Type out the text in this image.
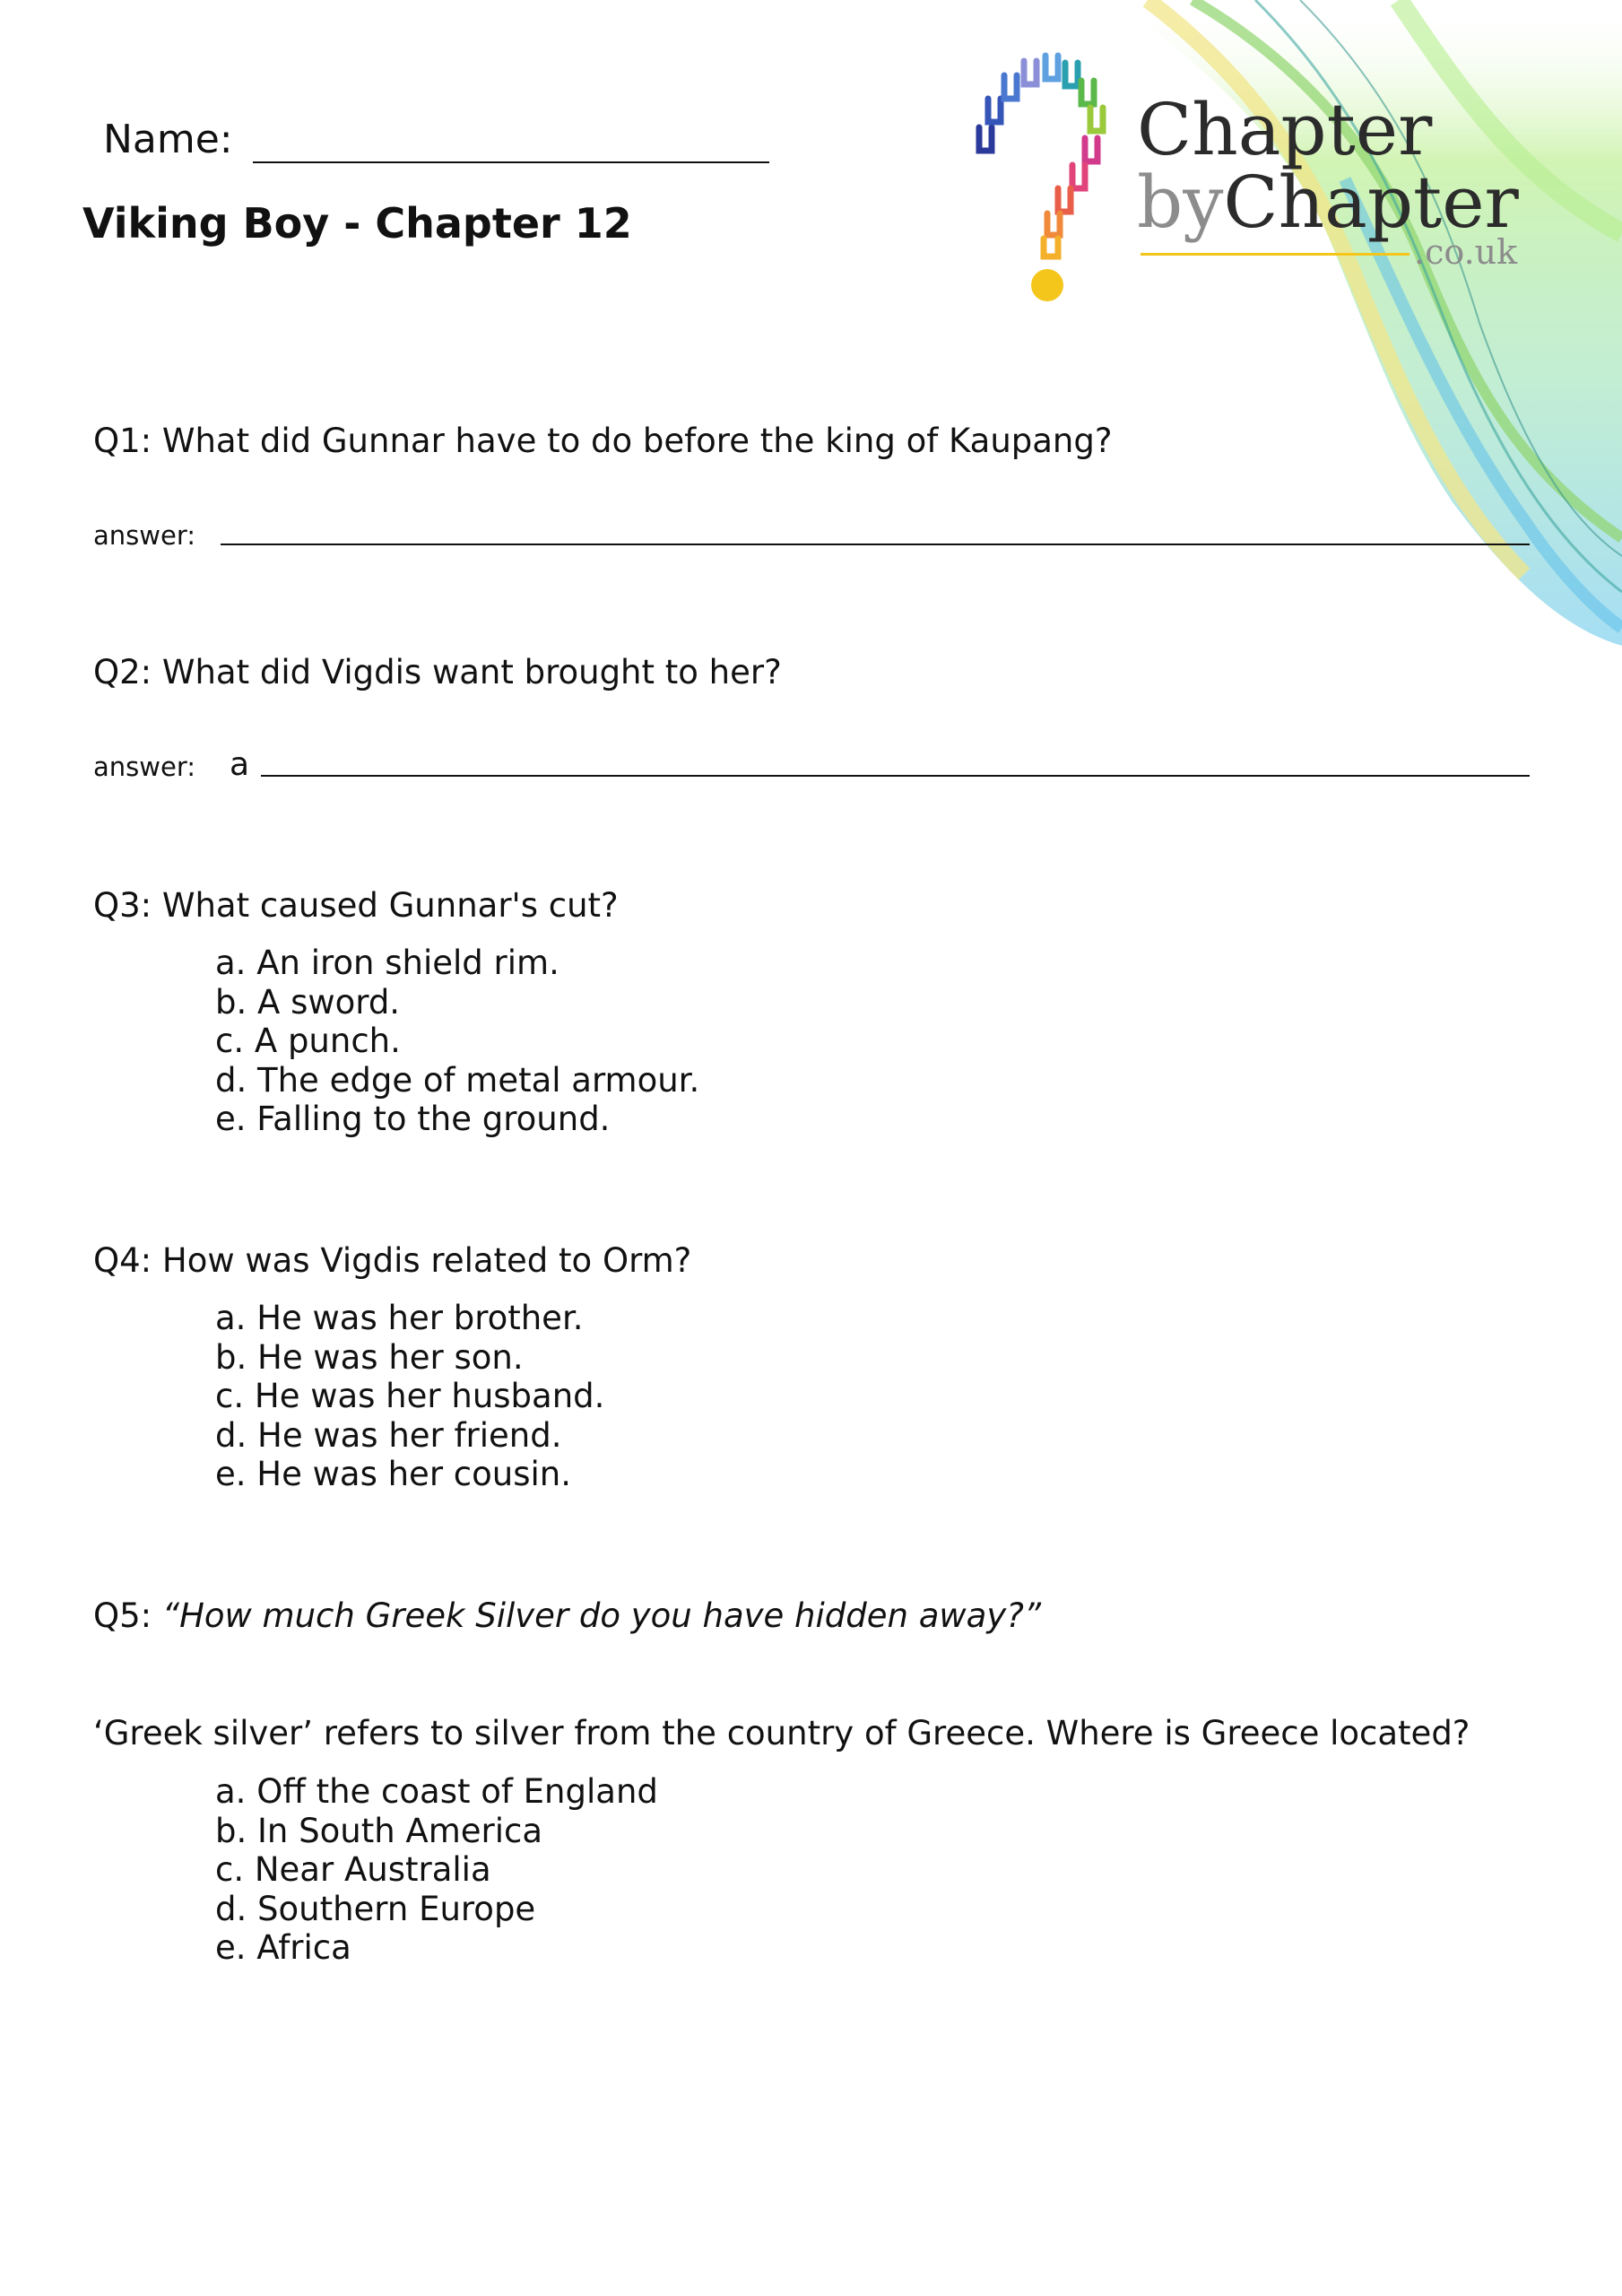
Chapter
byChapter
.co.uk
Name:
Viking Boy - Chapter 12
Q1: What did Gunnar have to do before the king of Kaupang?
answer:
Q2: What did Vigdis want brought to her?
answer: a
Q3: What caused Gunnar's cut?
a. An iron shield rim.
b. A sword.
c. A punch.
d. The edge of metal armour.
e. Falling to the ground.
Q4: How was Vigdis related to Orm?
a. He was her brother.
b. He was her son.
c. He was her husband.
d. He was her friend.
e. He was her cousin.
Q5: “How much Greek Silver do you have hidden away?”
‘Greek silver’ refers to silver from the country of Greece. Where is Greece located?
a. Off the coast of England
b. In South America
c. Near Australia
d. Southern Europe
e. Africa
